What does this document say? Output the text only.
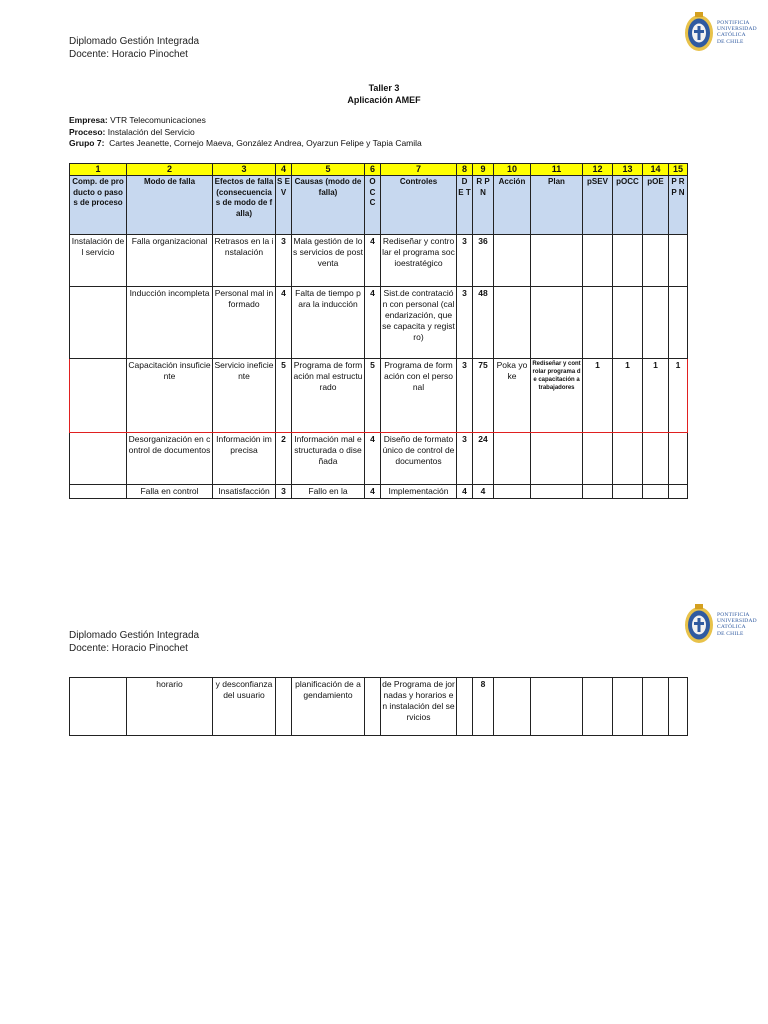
Diplomado Gestión Integrada
Docente: Horacio Pinochet
PONTIFICIA
UNIVERSIDAD
CATÓLICA
DE CHILE
Taller 3
Aplicación AMEF
Empresa: VTR Telecomunicaciones
Proceso: Instalación del Servicio
Grupo 7: Cartes Jeanette, Cornejo Maeva, González Andrea, Oyarzun Felipe y Tapia Camila
1	2	3	4	5	6	7	8	9	10	11	12	13	14	15
Comp. de producto o pasos de proceso	Modo de falla	Efectos de falla (consecuencias de modo de falla)	S E V	Causas (modo de falla)	O C C	Controles	D E T	R P N	Acción	Plan	pSEV	pOCC	pOE	P R P N
Instalación del servicio	Falla organizacional	Retrasos en la instalación	3	Mala gestión de los servicios de postventa	4	Rediseñar y controlar el programa socioestratégico	3	36						
	Inducción incompleta	Personal mal informado	4	Falta de tiempo para la inducción	4	Sist.de contratación con personal (calendarización, que se capacita y registro)	3	48						
	Capacitación insuficiente	Servicio ineficiente	5	Programa de formación mal estructurado	5	Programa de formación con el personal	3	75	Poka yoke	Rediseñar y controlar programa de capacitación a trabajadores	1	1	1	1
	Desorganización en control de documentos	Información imprecisa	2	Información mal estructurada o diseñada	4	Diseño de formato único de control de documentos	3	24						
	Falla en control	Insatisfacción	3	Fallo en la	4	Implementación	4	4						
Diplomado Gestión Integrada
Docente: Horacio Pinochet
PONTIFICIA
UNIVERSIDAD
CATÓLICA
DE CHILE
	horario	y desconfianza del usuario		planificación de agendamiento		de Programa de jornadas y horarios en instalación del servicios		8						
